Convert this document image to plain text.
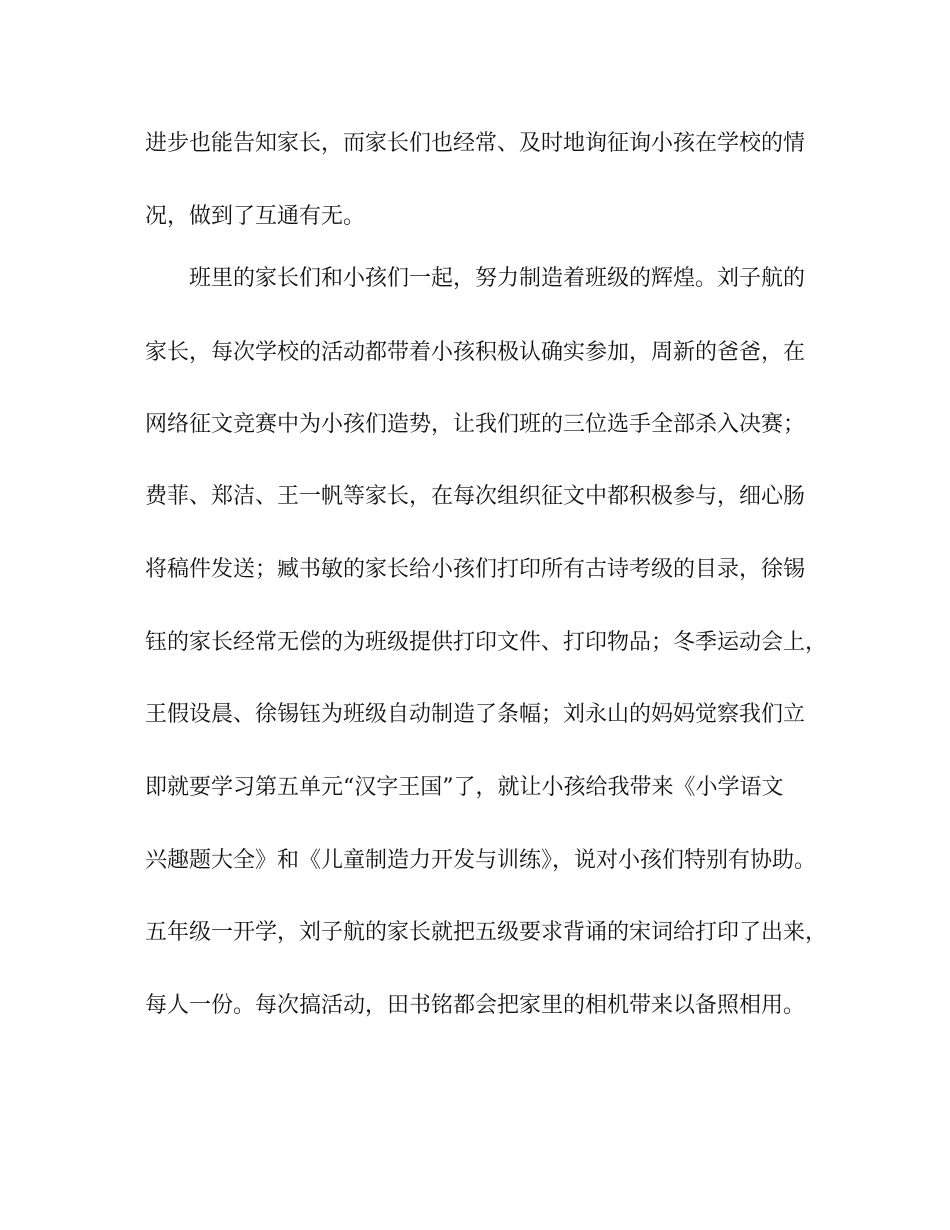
进步也能告知家长，而家长们也经常、及时地询征询小孩在学校的情

况，做到了互通有无。

班里的家长们和小孩们一起，努力制造着班级的辉煌。刘子航的

家长，每次学校的活动都带着小孩积极认确实参加，周新的爸爸，在

网络征文竞赛中为小孩们造势，让我们班的三位选手全部杀入决赛；

费菲、郑洁、王一帆等家长，在每次组织征文中都积极参与，细心肠

将稿件发送；臧书敏的家长给小孩们打印所有古诗考级的目录，徐锡

钰的家长经常无偿的为班级提供打印文件、打印物品；冬季运动会上，

王假设晨、徐锡钰为班级自动制造了条幅；刘永山的妈妈觉察我们立

即就要学习第五单元“汉字王国”了，就让小孩给我带来《小学语文

兴趣题大全》和《儿童制造力开发与训练》，说对小孩们特别有协助。

五年级一开学，刘子航的家长就把五级要求背诵的宋词给打印了出来，

每人一份。每次搞活动，田书铭都会把家里的相机带来以备照相用。
